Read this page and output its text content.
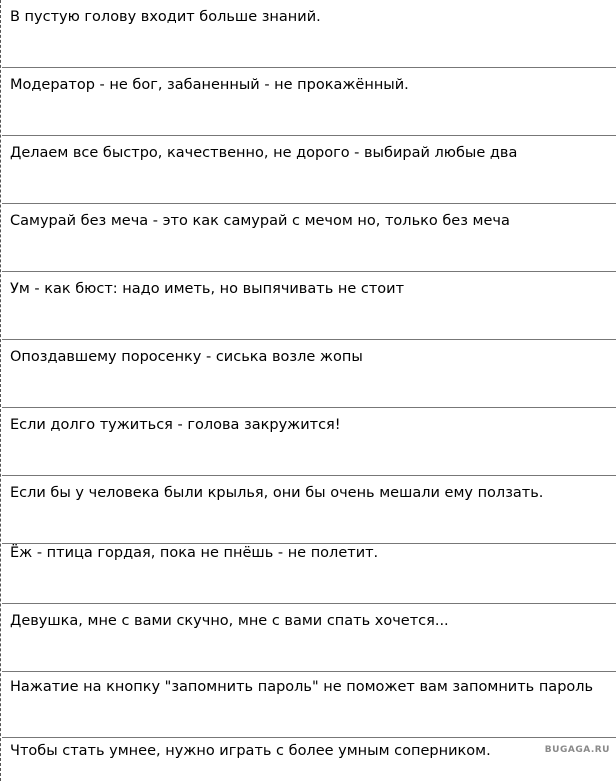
В пустую голову входит больше знаний.
Модератор - не бог, забаненный - не прокажённый.
Делаем все быстро, качественно, не дорого - выбирай любые два
Самурай без меча - это как самурай с мечом но, только без меча
Ум - как бюст: надо иметь, но выпячивать не стоит
Опоздавшему поросенку - сиська возле жопы
Если долго тужиться - голова закружится!
Если бы у человека были крылья, они бы очень мешали ему ползать.
Ёж - птица гордая, пока не пнёшь - не полетит.
Девушка, мне с вами скучно, мне с вами спать хочется...
Нажатие на кнопку "запомнить пароль" не поможет вам запомнить пароль
Чтобы стать умнее, нужно играть с более умным соперником.	BUGAGA.RU
